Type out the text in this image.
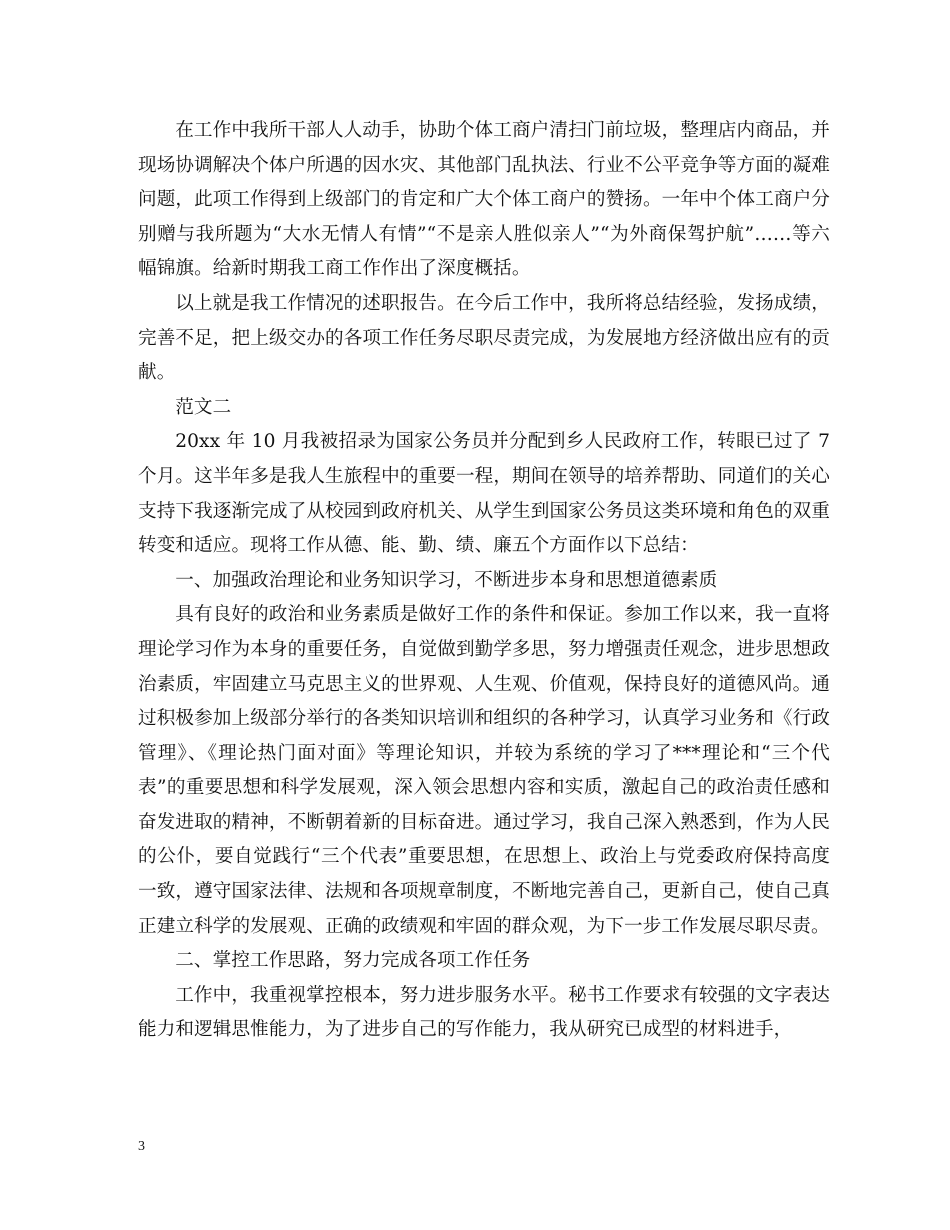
在工作中我所干部人人动手，协助个体工商户清扫门前垃圾，整理店内商品，并现场协调解决个体户所遇的因水灾、其他部门乱执法、行业不公平竞争等方面的凝难问题，此项工作得到上级部门的肯定和广大个体工商户的赞扬。一年中个体工商户分别赠与我所题为“大水无情人有情”“不是亲人胜似亲人”“为外商保驾护航”……等六幅锦旗。给新时期我工商工作作出了深度概括。

以上就是我工作情况的述职报告。在今后工作中，我所将总结经验，发扬成绩，完善不足，把上级交办的各项工作任务尽职尽责完成，为发展地方经济做出应有的贡献。

范文二

20xx 年 10 月我被招录为国家公务员并分配到乡人民政府工作，转眼已过了 7 个月。这半年多是我人生旅程中的重要一程，期间在领导的培养帮助、同道们的关心支持下我逐渐完成了从校园到政府机关、从学生到国家公务员这类环境和角色的双重转变和适应。现将工作从德、能、勤、绩、廉五个方面作以下总结：

一、加强政治理论和业务知识学习，不断进步本身和思想道德素质

具有良好的政治和业务素质是做好工作的条件和保证。参加工作以来，我一直将理论学习作为本身的重要任务，自觉做到勤学多思，努力增强责任观念，进步思想政治素质，牢固建立马克思主义的世界观、人生观、价值观，保持良好的道德风尚。通过积极参加上级部分举行的各类知识培训和组织的各种学习，认真学习业务和《行政管理》、《理论热门面对面》等理论知识，并较为系统的学习了***理论和“三个代表”的重要思想和科学发展观，深入领会思想内容和实质，激起自己的政治责任感和奋发进取的精神，不断朝着新的目标奋进。通过学习，我自己深入熟悉到，作为人民的公仆，要自觉践行“三个代表”重要思想，在思想上、政治上与党委政府保持高度一致，遵守国家法律、法规和各项规章制度，不断地完善自己，更新自己，使自己真正建立科学的发展观、正确的政绩观和牢固的群众观，为下一步工作发展尽职尽责。

二、掌控工作思路，努力完成各项工作任务

工作中，我重视掌控根本，努力进步服务水平。秘书工作要求有较强的文字表达能力和逻辑思惟能力，为了进步自己的写作能力，我从研究已成型的材料进手，

3
